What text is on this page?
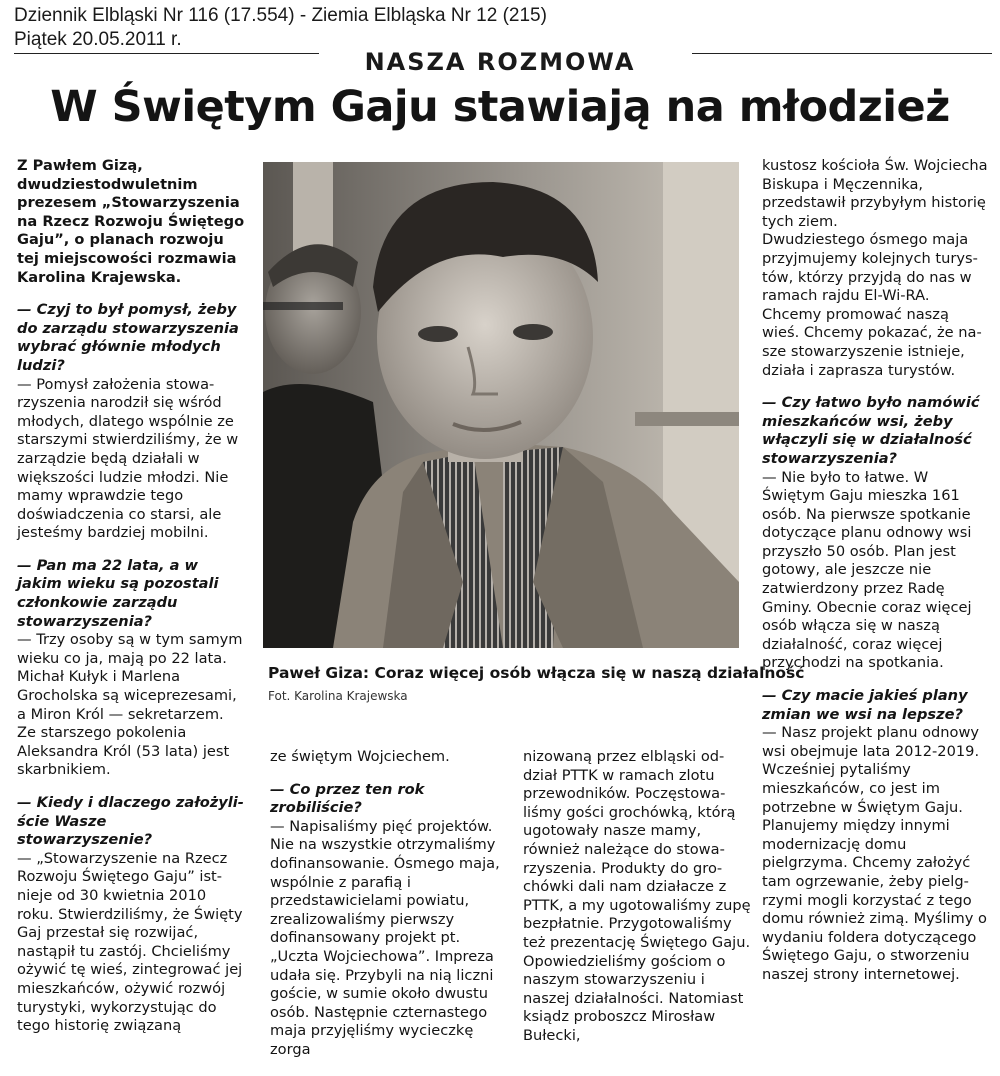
Dziennik Elbląski Nr 116 (17.554) - Ziemia Elbląska Nr 12 (215)
Piątek 20.05.2011 r.
NASZA ROZMOWA
W Świętym Gaju stawiają na młodzież

Z Pawłem Gizą, dwudziestodwuletnim prezesem „Stowarzyszenia na Rzecz Rozwoju Świętego Gaju”, o planach rozwoju tej miejscowości rozmawia Karolina Krajewska.

— Czyj to był pomysł, żeby do zarządu stowarzyszenia wybrać głównie młodych ludzi?

— Pomysł założenia stowarzyszenia narodził się wśród młodych, dlatego wspólnie ze starszymi stwierdziliśmy, że w zarządzie będą działali w większości ludzie młodzi. Nie mamy wprawdzie tego doświadczenia co starsi, ale jesteśmy bardziej mobilni.

— Pan ma 22 lata, a w jakim wieku są pozostali członkowie zarządu stowarzyszenia?

— Trzy osoby są w tym samym wieku co ja, mają po 22 lata. Michał Kułyk i Marlena Grocholska są wiceprezesami, a Miron Król — sekretarzem. Ze starszego pokolenia Aleksandra Król (53 lata) jest skarbnikiem.

— Kiedy i dlaczego założyliście Wasze stowarzyszenie?

— „Stowarzyszenie na Rzecz Rozwoju Świętego Gaju” istnieje od 30 kwietnia 2010 roku. Stwierdziliśmy, że Święty Gaj przestał się rozwijać, nastąpił tu zastój. Chcieliśmy ożywić tę wieś, zintegrować jej mieszkańców, ożywić rozwój turystyki, wykorzystując do tego historię związaną

Paweł Giza: Coraz więcej osób włącza się w naszą działalność
Fot. Karolina Krajewska

ze świętym Wojciechem.

— Co przez ten rok zrobiliście?

— Napisaliśmy pięć projektów. Nie na wszystkie otrzymaliśmy dofinansowanie. Ósmego maja, wspólnie z parafią i przedstawicielami powiatu, zrealizowaliśmy pierwszy dofinansowany projekt pt. „Uczta Wojciechowa”. Impreza udała się. Przybyli na nią liczni goście, w sumie około dwustu osób. Następnie czternastego maja przyjęliśmy wycieczkę zorga

nizowaną przez elbląski oddział PTTK w ramach zlotu przewodników. Poczęstowaliśmy gości grochówką, którą ugotowały nasze mamy, również należące do stowarzyszenia. Produkty do grochówki dali nam działacze z PTTK, a my ugotowaliśmy zupę bezpłatnie. Przygotowaliśmy też prezentację Świętego Gaju. Opowiedzieliśmy gościom o naszym stowarzyszeniu i naszej działalności. Natomiast ksiądz proboszcz Mirosław Bułecki,

kustosz kościoła Św. Wojciecha Biskupa i Męczennika, przedstawił przybyłym historię tych ziem.

Dwudziestego ósmego maja przyjmujemy kolejnych turystów, którzy przyjdą do nas w ramach rajdu El-Wi-RA. Chcemy promować naszą wieś. Chcemy pokazać, że nasze stowarzyszenie istnieje, działa i zaprasza turystów.

— Czy łatwo było namówić mieszkańców wsi, żeby włączyli się w działalność stowarzyszenia?

— Nie było to łatwe. W Świętym Gaju mieszka 161 osób. Na pierwsze spotkanie dotyczące planu odnowy wsi przyszło 50 osób. Plan jest gotowy, ale jeszcze nie zatwierdzony przez Radę Gminy. Obecnie coraz więcej osób włącza się w naszą działalność, coraz więcej przychodzi na spotkania.

— Czy macie jakieś plany zmian we wsi na lepsze?

— Nasz projekt planu odnowy wsi obejmuje lata 2012-2019. Wcześniej pytaliśmy mieszkańców, co jest im potrzebne w Świętym Gaju. Planujemy między innymi modernizację domu pielgrzyma. Chcemy założyć tam ogrzewanie, żeby pielgrzymi mogli korzystać z tego domu również zimą. Myślimy o wydaniu foldera dotyczącego Świętego Gaju, o stworzeniu naszej strony internetowej.
